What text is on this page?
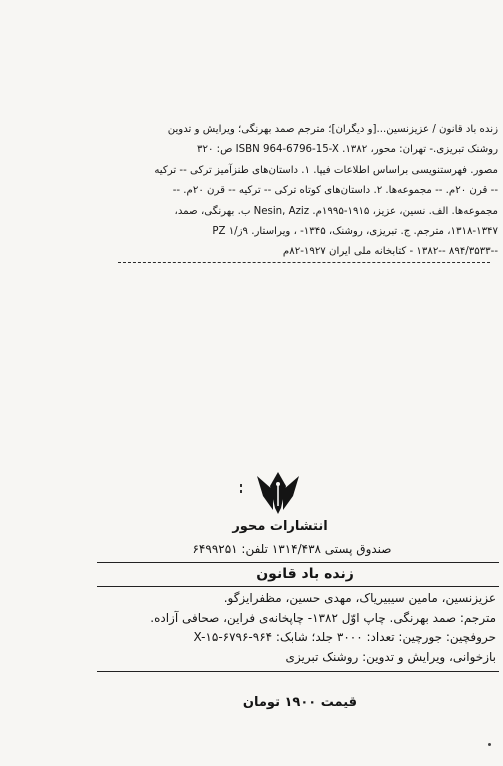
زنده باد قانون / عزیزنسین...[و دیگران]؛ مترجم صمد بهرنگی؛ ویرایش و تدوین
روشنک تبریزی.- تهران: محور، ۱۳۸۲. ISBN 964-6796-15-X ص: ۳۲۰
مصور. فهرستنویسی براساس اطلاعات فیپا. ۱. داستان‌های طنزآمیز ترکی -- ترکیه
-- قرن ۲۰م. -- مجموعه‌ها. ۲. داستان‌های کوتاه ترکی -- ترکیه -- قرن ۲۰م. --
مجموعه‌ها. الف. نسین، عزیز، ۱۹۱۵-۱۹۹۵م. Nesin, Aziz ب. بهرنگی، صمد،
۱۳۱۸-۱۳۴۷، مترجم. ج. تبریزی، روشنک، ۱۳۴۵- ، ویراستار. ۹ز/۱ PZ
--۸۹۴/۳۵۳۳ --۱۳۸۲ - کتابخانه ملی ایران ۱۹۲۷-۸۲م
انتشارات محور
صندوق پستی ۱۳۱۴/۴۳۸ تلفن: ۶۴۹۹۲۵۱
زنده باد قانون
عزیزنسین، مامین سیبیریاک، مهدی حسین، مظفرایزگو.
مترجم: صمد بهرنگی. چاپ اوّل ۱۳۸۲- چاپخانه‌ی فراین، صحافی آزاده.
حروفچین: جورچین: تعداد: ۳۰۰۰ جلد؛ شابک: X-۱۵-۶۷۹۶-۹۶۴
بازخوانی، ویرایش و تدوین: روشنک تبریزی
قیمت ۱۹۰۰ تومان
